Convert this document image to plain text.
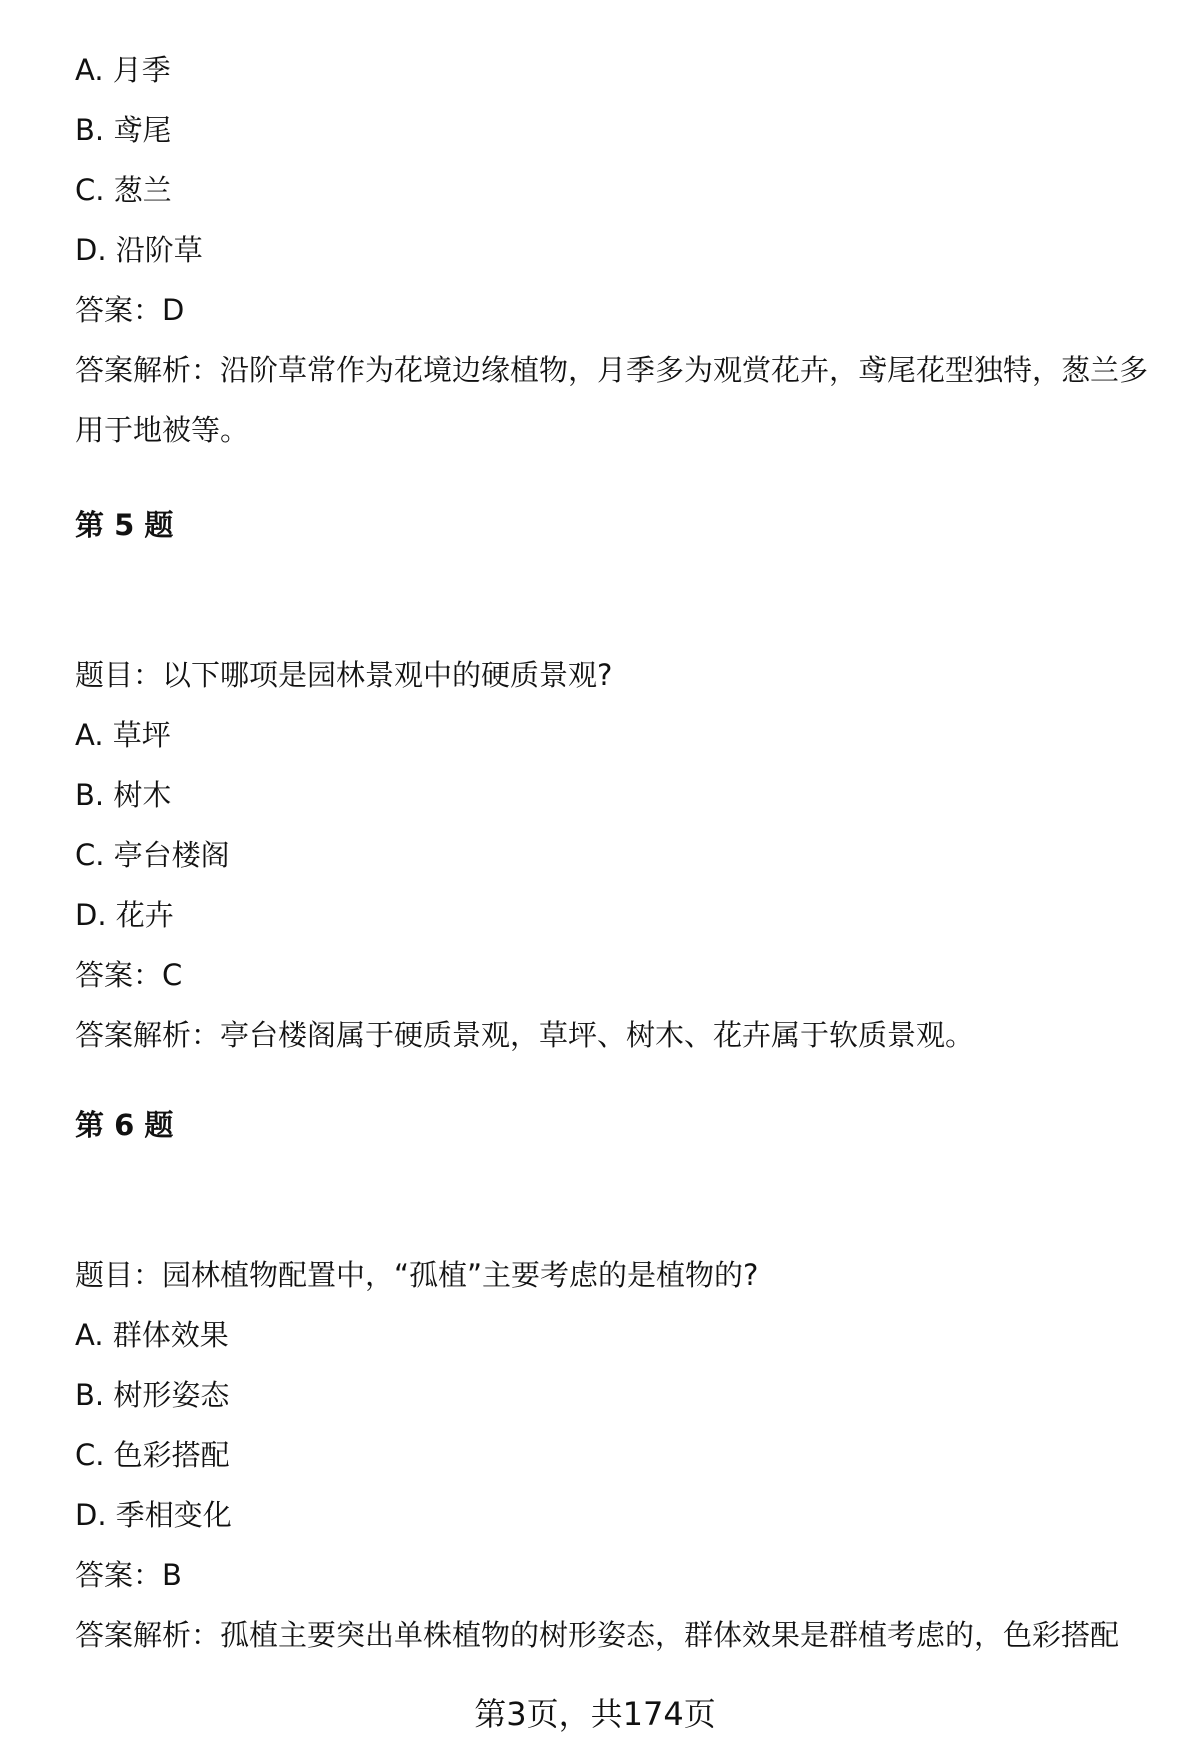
A. 月季
B. 鸢尾
C. 葱兰
D. 沿阶草
答案：D
答案解析：沿阶草常作为花境边缘植物，月季多为观赏花卉，鸢尾花型独特，葱兰多用于地被等。
第 5 题
题目：以下哪项是园林景观中的硬质景观?
A. 草坪
B. 树木
C. 亭台楼阁
D. 花卉
答案：C
答案解析：亭台楼阁属于硬质景观，草坪、树木、花卉属于软质景观。
第 6 题
题目：园林植物配置中，“孤植”主要考虑的是植物的?
A. 群体效果
B. 树形姿态
C. 色彩搭配
D. 季相变化
答案：B
答案解析：孤植主要突出单株植物的树形姿态，群体效果是群植考虑的，色彩搭配
第3页，共174页
